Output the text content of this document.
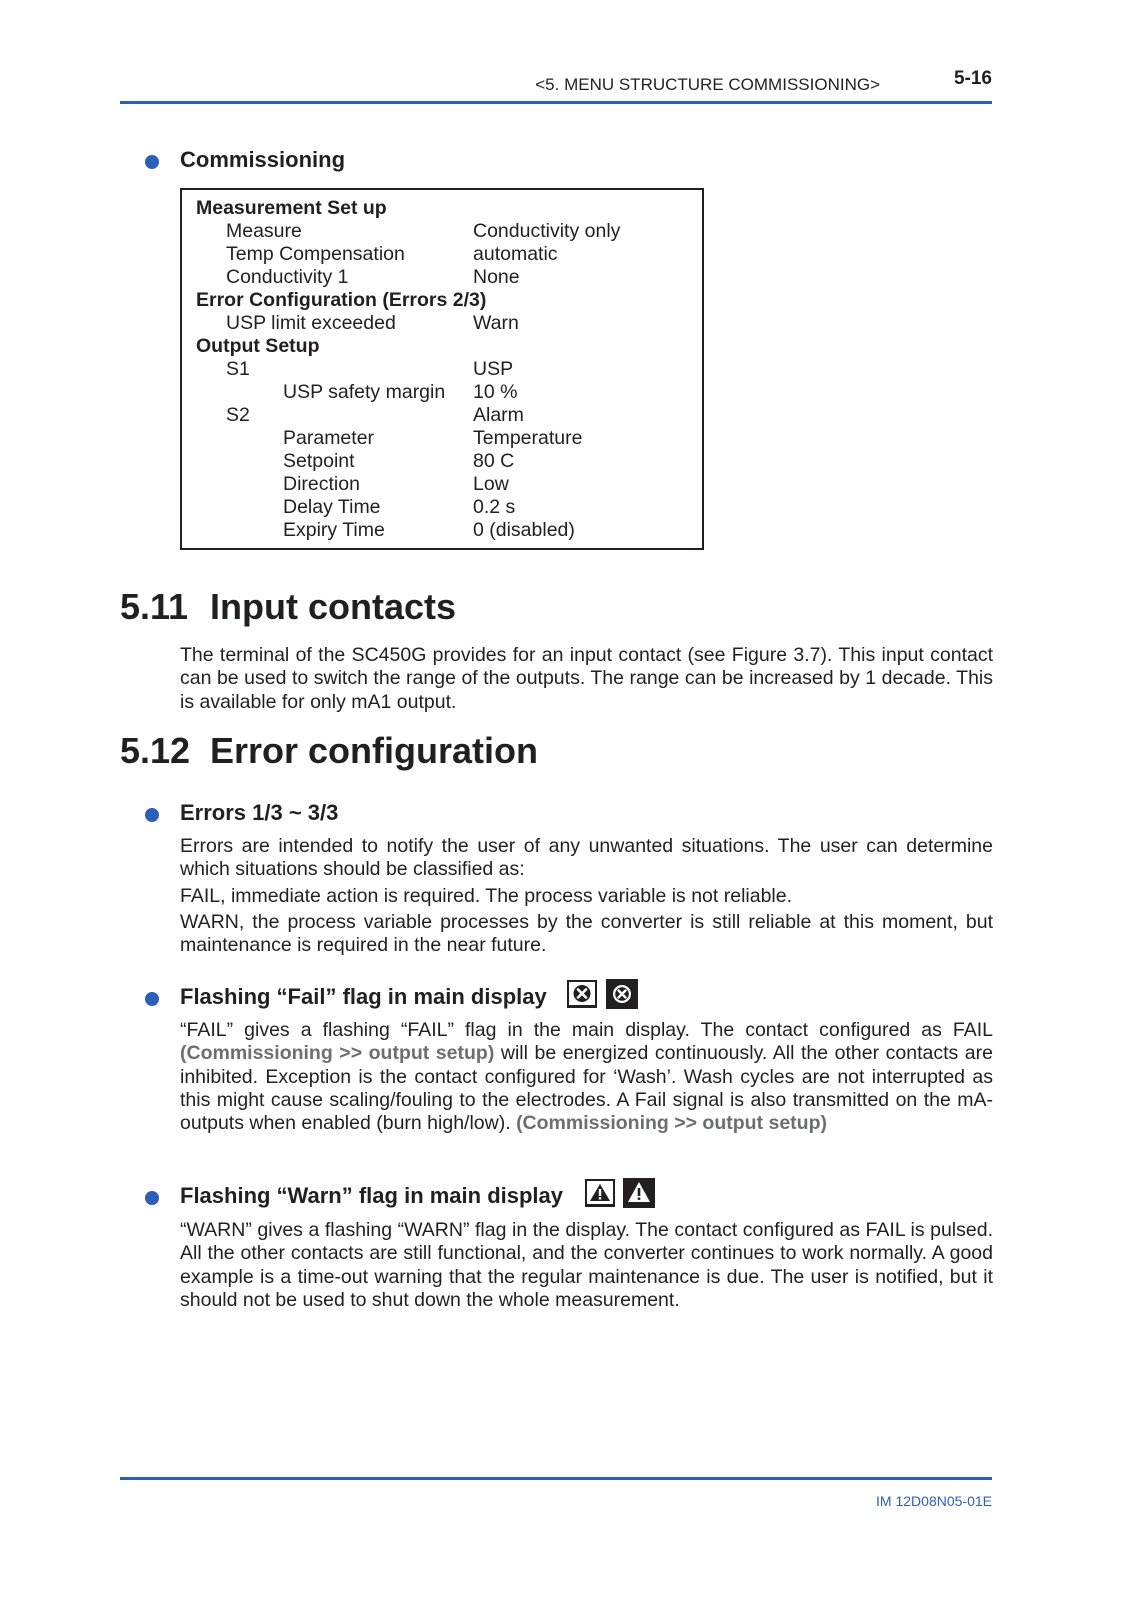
<5. MENU STRUCTURE COMMISSIONING>	5-16
Commissioning
Measurement Set up
Measure	Conductivity only
Temp Compensation	automatic
Conductivity 1	None
Error Configuration (Errors 2/3)
USP limit exceeded	Warn
Output Setup
S1	USP
USP safety margin 10 %
S2	Alarm
Parameter	Temperature
Setpoint	80 C
Direction	Low
Delay Time	0.2 s
Expiry Time	0 (disabled)
5.11 Input contacts
The terminal of the SC450G provides for an input contact (see Figure 3.7). This input contact can be used to switch the range of the outputs. The range can be increased by 1 decade. This is available for only mA1 output.
5.12 Error configuration
Errors 1/3 ~ 3/3
Errors are intended to notify the user of any unwanted situations. The user can determine which situations should be classified as:
FAIL, immediate action is required. The process variable is not reliable.
WARN, the process variable processes by the converter is still reliable at this moment, but maintenance is required in the near future.
Flashing “Fail” flag in main display
“FAIL” gives a flashing “FAIL” flag in the main display. The contact configured as FAIL (Commissioning >> output setup) will be energized continuously. All the other contacts are inhibited. Exception is the contact configured for ‘Wash’. Wash cycles are not interrupted as this might cause scaling/fouling to the electrodes. A Fail signal is also transmitted on the mA-outputs when enabled (burn high/low). (Commissioning >> output setup)
Flashing “Warn” flag in main display
“WARN” gives a flashing “WARN” flag in the display. The contact configured as FAIL is pulsed. All the other contacts are still functional, and the converter continues to work normally. A good example is a time-out warning that the regular maintenance is due. The user is notified, but it should not be used to shut down the whole measurement.
IM 12D08N05-01E
